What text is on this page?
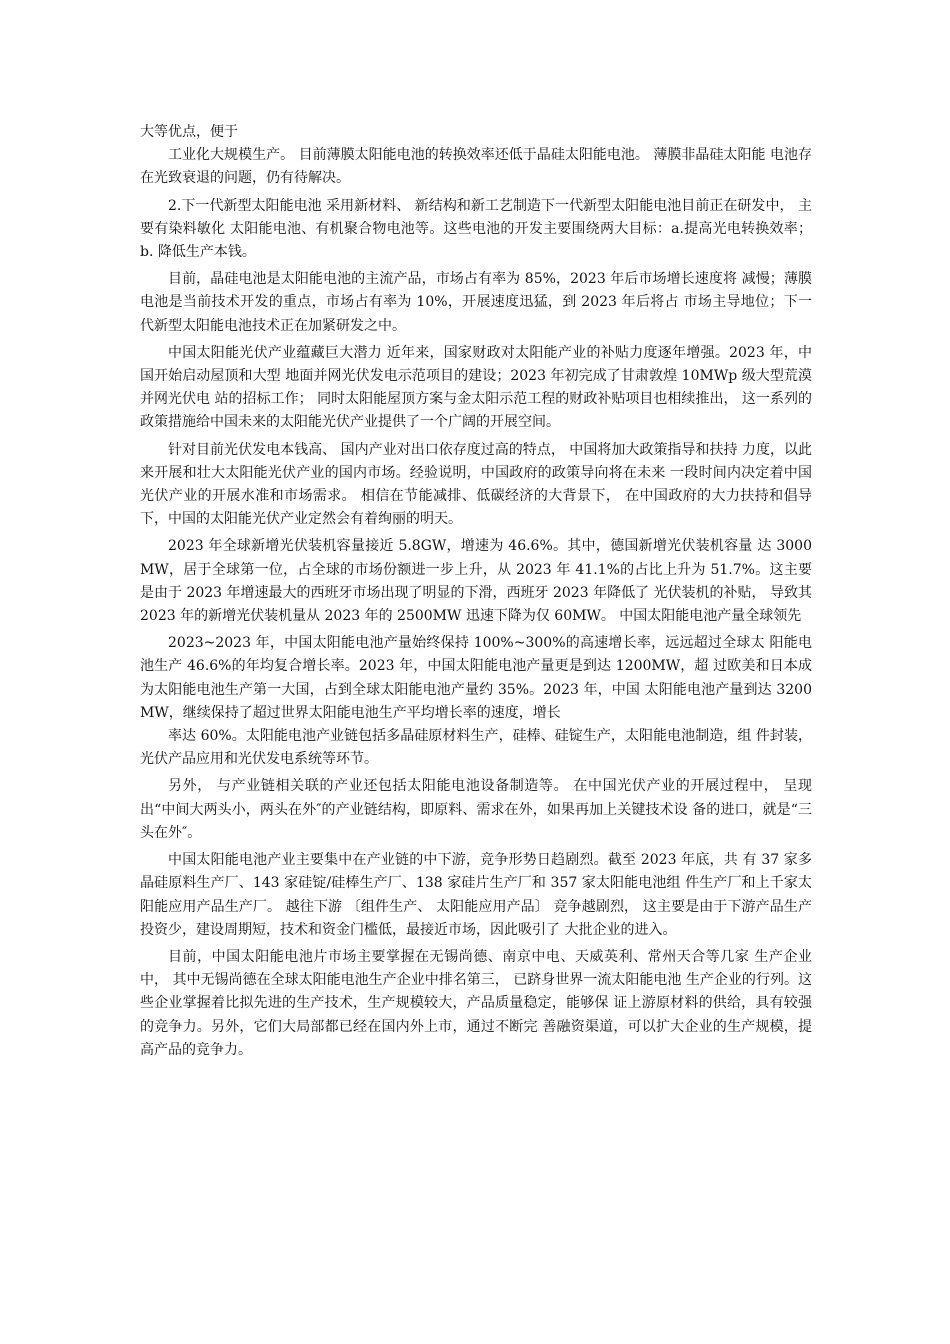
大等优点，便于

工业化大规模生产。 目前薄膜太阳能电池的转换效率还低于晶硅太阳能电池。 薄膜非晶硅太阳能 电池存在光致衰退的问题，仍有待解决。

2.下一代新型太阳能电池 采用新材料、 新结构和新工艺制造下一代新型太阳能电池目前正在研发中， 主要有染料敏化 太阳能电池、有机聚合物电池等。这些电池的开发主要围绕两大目标：a.提高光电转换效率；b. 降低生产本钱。

目前，晶硅电池是太阳能电池的主流产品，市场占有率为 85%，2023 年后市场增长速度将 减慢；薄膜电池是当前技术开发的重点，市场占有率为 10%，开展速度迅猛，到 2023 年后将占 市场主导地位；下一代新型太阳能电池技术正在加紧研发之中。

中国太阳能光伏产业蕴藏巨大潜力 近年来，国家财政对太阳能产业的补贴力度逐年增强。2023 年，中国开始启动屋顶和大型 地面并网光伏发电示范项目的建设；2023 年初完成了甘肃敦煌 10MWp 级大型荒漠并网光伏电 站的招标工作； 同时太阳能屋顶方案与金太阳示范工程的财政补贴项目也相续推出， 这一系列的 政策措施给中国未来的太阳能光伏产业提供了一个广阔的开展空间。

针对目前光伏发电本钱高、 国内产业对出口依存度过高的特点， 中国将加大政策指导和扶持 力度，以此来开展和壮大太阳能光伏产业的国内市场。经验说明，中国政府的政策导向将在未来 一段时间内决定着中国光伏产业的开展水准和市场需求。 相信在节能减排、低碳经济的大背景下， 在中国政府的大力扶持和倡导下，中国的太阳能光伏产业定然会有着绚丽的明天。

2023 年全球新增光伏装机容量接近 5.8GW，增速为 46.6%。其中，德国新增光伏装机容量 达 3000MW，居于全球第一位，占全球的市场份额进一步上升，从 2023 年 41.1%的占比上升为 51.7%。这主要是由于 2023 年增速最大的西班牙市场出现了明显的下滑，西班牙 2023 年降低了 光伏装机的补贴， 导致其 2023 年的新增光伏装机量从 2023 年的 2500MW 迅速下降为仅 60MW。 中国太阳能电池产量全球领先

2023~2023 年，中国太阳能电池产量始终保持 100%~300%的高速增长率，远远超过全球太 阳能电池生产 46.6%的年均复合增长率。2023 年，中国太阳能电池产量更是到达 1200MW，超 过欧美和日本成为太阳能电池生产第一大国，占到全球太阳能电池产量约 35%。2023 年，中国 太阳能电池产量到达 3200MW，继续保持了超过世界太阳能电池生产平均增长率的速度，增长

率达 60%。太阳能电池产业链包括多晶硅原材料生产，硅棒、硅锭生产，太阳能电池制造，组 件封装，光伏产品应用和光伏发电系统等环节。

另外， 与产业链相关联的产业还包括太阳能电池设备制造等。 在中国光伏产业的开展过程中， 呈现出“中间大两头小，两头在外″的产业链结构，即原料、需求在外，如果再加上关键技术设 备的进口，就是“三头在外″。

中国太阳能电池产业主要集中在产业链的中下游，竞争形势日趋剧烈。截至 2023 年底，共 有 37 家多晶硅原料生产厂、143 家硅锭/硅棒生产厂、138 家硅片生产厂和 357 家太阳能电池组 件生产厂和上千家太阳能应用产品生产厂。 越往下游 〔组件生产、 太阳能应用产品〕 竞争越剧烈， 这主要是由于下游产品生产投资少，建设周期短，技术和资金门槛低，最接近市场，因此吸引了 大批企业的进入。

目前，中国太阳能电池片市场主要掌握在无锡尚德、南京中电、天威英利、常州天合等几家 生产企业中， 其中无锡尚德在全球太阳能电池生产企业中排名第三， 已跻身世界一流太阳能电池 生产企业的行列。这些企业掌握着比拟先进的生产技术，生产规模较大，产品质量稳定，能够保 证上游原材料的供给，具有较强的竞争力。另外，它们大局部都已经在国内外上市，通过不断完 善融资渠道，可以扩大企业的生产规模，提高产品的竞争力。
